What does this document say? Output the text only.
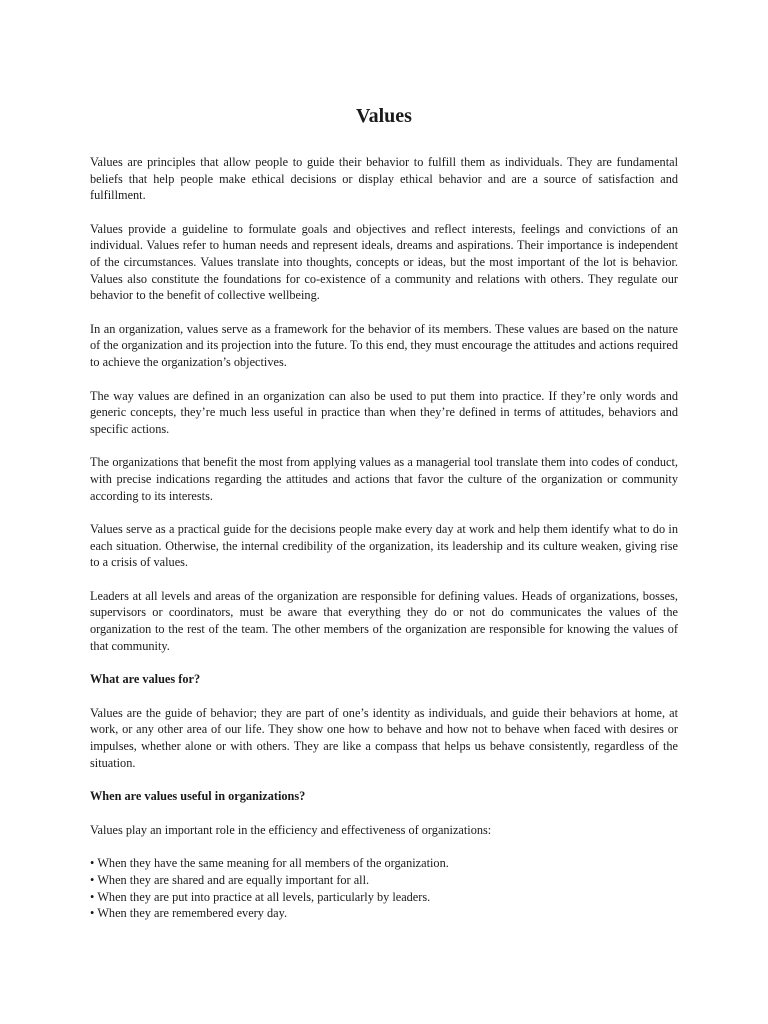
Values

Values are principles that allow people to guide their behavior to fulfill them as individuals. They are fundamental beliefs that help people make ethical decisions or display ethical behavior and are a source of satisfaction and fulfillment.

Values provide a guideline to formulate goals and objectives and reflect interests, feelings and convictions of an individual. Values refer to human needs and represent ideals, dreams and aspirations. Their importance is independent of the circumstances. Values translate into thoughts, concepts or ideas, but the most important of the lot is behavior. Values also constitute the foundations for co-existence of a community and relations with others. They regulate our behavior to the benefit of collective wellbeing.

In an organization, values serve as a framework for the behavior of its members. These values are based on the nature of the organization and its projection into the future. To this end, they must encourage the attitudes and actions required to achieve the organization’s objectives.

The way values are defined in an organization can also be used to put them into practice. If they’re only words and generic concepts, they’re much less useful in practice than when they’re defined in terms of attitudes, behaviors and specific actions.

The organizations that benefit the most from applying values as a managerial tool translate them into codes of conduct, with precise indications regarding the attitudes and actions that favor the culture of the organization or community according to its interests.

Values serve as a practical guide for the decisions people make every day at work and help them identify what to do in each situation. Otherwise, the internal credibility of the organization, its leadership and its culture weaken, giving rise to a crisis of values.

Leaders at all levels and areas of the organization are responsible for defining values. Heads of organizations, bosses, supervisors or coordinators, must be aware that everything they do or not do communicates the values of the organization to the rest of the team. The other members of the organization are responsible for knowing the values of that community.

What are values for?

Values are the guide of behavior; they are part of one’s identity as individuals, and guide their behaviors at home, at work, or any other area of our life. They show one how to behave and how not to behave when faced with desires or impulses, whether alone or with others. They are like a compass that helps us behave consistently, regardless of the situation.

When are values useful in organizations?

Values play an important role in the efficiency and effectiveness of organizations:

• When they have the same meaning for all members of the organization.
• When they are shared and are equally important for all.
• When they are put into practice at all levels, particularly by leaders.
• When they are remembered every day.
